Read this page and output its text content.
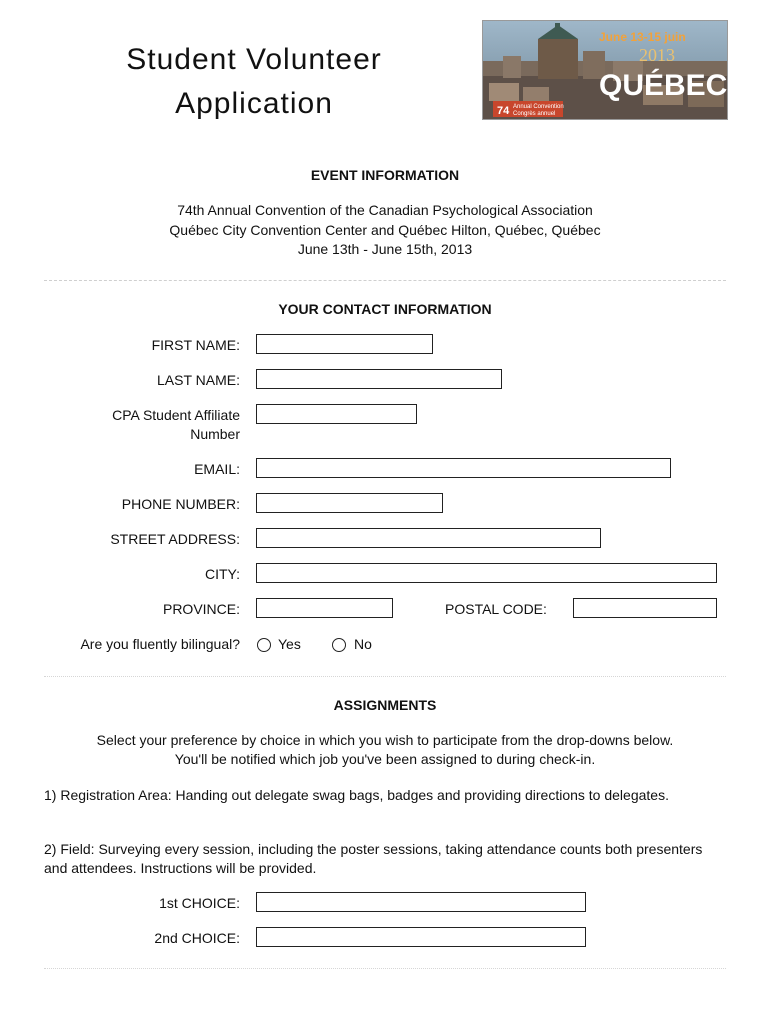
Student Volunteer
Application
June 13-15 juin
2013
QUÉBEC
74 Annual Convention
Congrès annuel
EVENT INFORMATION
74th Annual Convention of the Canadian Psychological Association
Québec City Convention Center and Québec Hilton, Québec, Québec
June 13th - June 15th, 2013
YOUR CONTACT INFORMATION
FIRST NAME:
LAST NAME:
CPA Student Affiliate
Number
EMAIL:
PHONE NUMBER:
STREET ADDRESS:
CITY:
PROVINCE:	POSTAL CODE:
Are you fluently bilingual?	Yes	No
ASSIGNMENTS
Select your preference by choice in which you wish to participate from the drop-downs below.
You'll be notified which job you've been assigned to during check-in.
1) Registration Area: Handing out delegate swag bags, badges and providing directions to delegates.
2) Field: Surveying every session, including the poster sessions, taking attendance counts both presenters and attendees. Instructions will be provided.
1st CHOICE:
2nd CHOICE:
